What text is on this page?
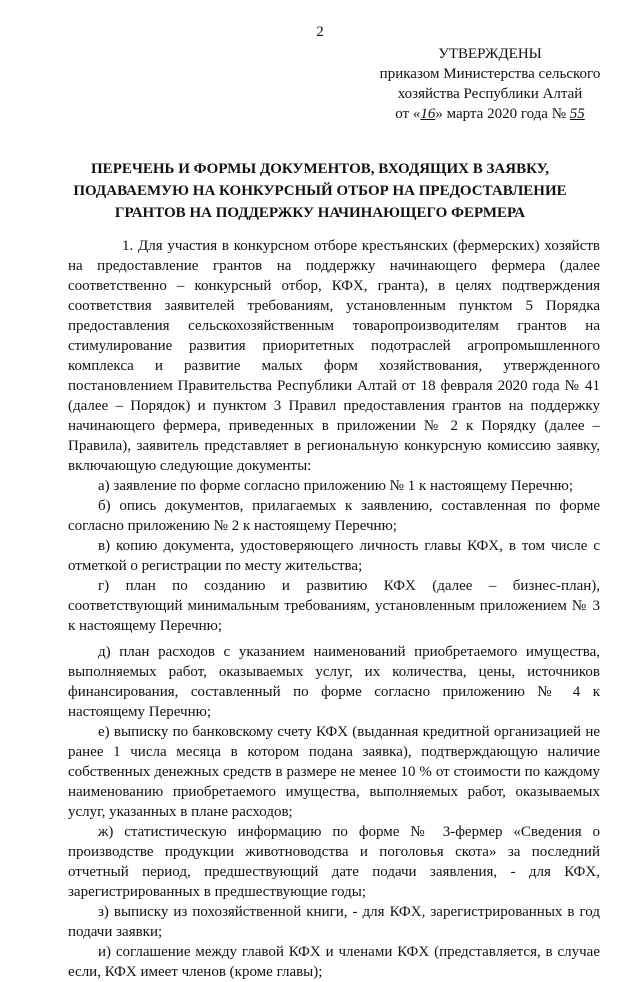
2
УТВЕРЖДЕНЫ
приказом Министерства сельского
хозяйства Республики Алтай
от «16» марта 2020 года № 55
ПЕРЕЧЕНЬ И ФОРМЫ ДОКУМЕНТОВ, ВХОДЯЩИХ В ЗАЯВКУ,
ПОДАВАЕМУЮ НА КОНКУРСНЫЙ ОТБОР НА ПРЕДОСТАВЛЕНИЕ
ГРАНТОВ НА ПОДДЕРЖКУ НАЧИНАЮЩЕГО ФЕРМЕРА

1. Для участия в конкурсном отборе крестьянских (фермерских) хозяйств на предоставление грантов на поддержку начинающего фермера (далее соответственно – конкурсный отбор, КФХ, гранта), в целях подтверждения соответствия заявителей требованиям, установленным пунктом 5 Порядка предоставления сельскохозяйственным товаропроизводителям грантов на стимулирование развития приоритетных подотраслей агропромышленного комплекса и развитие малых форм хозяйствования, утвержденного постановлением Правительства Республики Алтай от 18 февраля 2020 года № 41 (далее – Порядок) и пунктом 3 Правил предоставления грантов на поддержку начинающего фермера, приведенных в приложении № 2 к Порядку (далее – Правила), заявитель представляет в региональную конкурсную комиссию заявку, включающую следующие документы:

а) заявление по форме согласно приложению № 1 к настоящему Перечню;

б) опись документов, прилагаемых к заявлению, составленная по форме согласно приложению № 2 к настоящему Перечню;

в) копию документа, удостоверяющего личность главы КФХ, в том числе с отметкой о регистрации по месту жительства;

г) план по созданию и развитию КФХ (далее – бизнес-план), соответствующий минимальным требованиям, установленным приложением № 3 к настоящему Перечню;

д) план расходов с указанием наименований приобретаемого имущества, выполняемых работ, оказываемых услуг, их количества, цены, источников финансирования, составленный по форме согласно приложению № 4 к настоящему Перечню;

е) выписку по банковскому счету КФХ (выданная кредитной организацией не ранее 1 числа месяца в котором подана заявка), подтверждающую наличие собственных денежных средств в размере не менее 10 % от стоимости по каждому наименованию приобретаемого имущества, выполняемых работ, оказываемых услуг, указанных в плане расходов;

ж) статистическую информацию по форме № 3-фермер «Сведения о производстве продукции животноводства и поголовья скота» за последний отчетный период, предшествующий дате подачи заявления, - для КФХ, зарегистрированных в предшествующие годы;

з) выписку из похозяйственной книги, - для КФХ, зарегистрированных в год подачи заявки;

и) соглашение между главой КФХ и членами КФХ (представляется, в случае если, КФХ имеет членов (кроме главы);
